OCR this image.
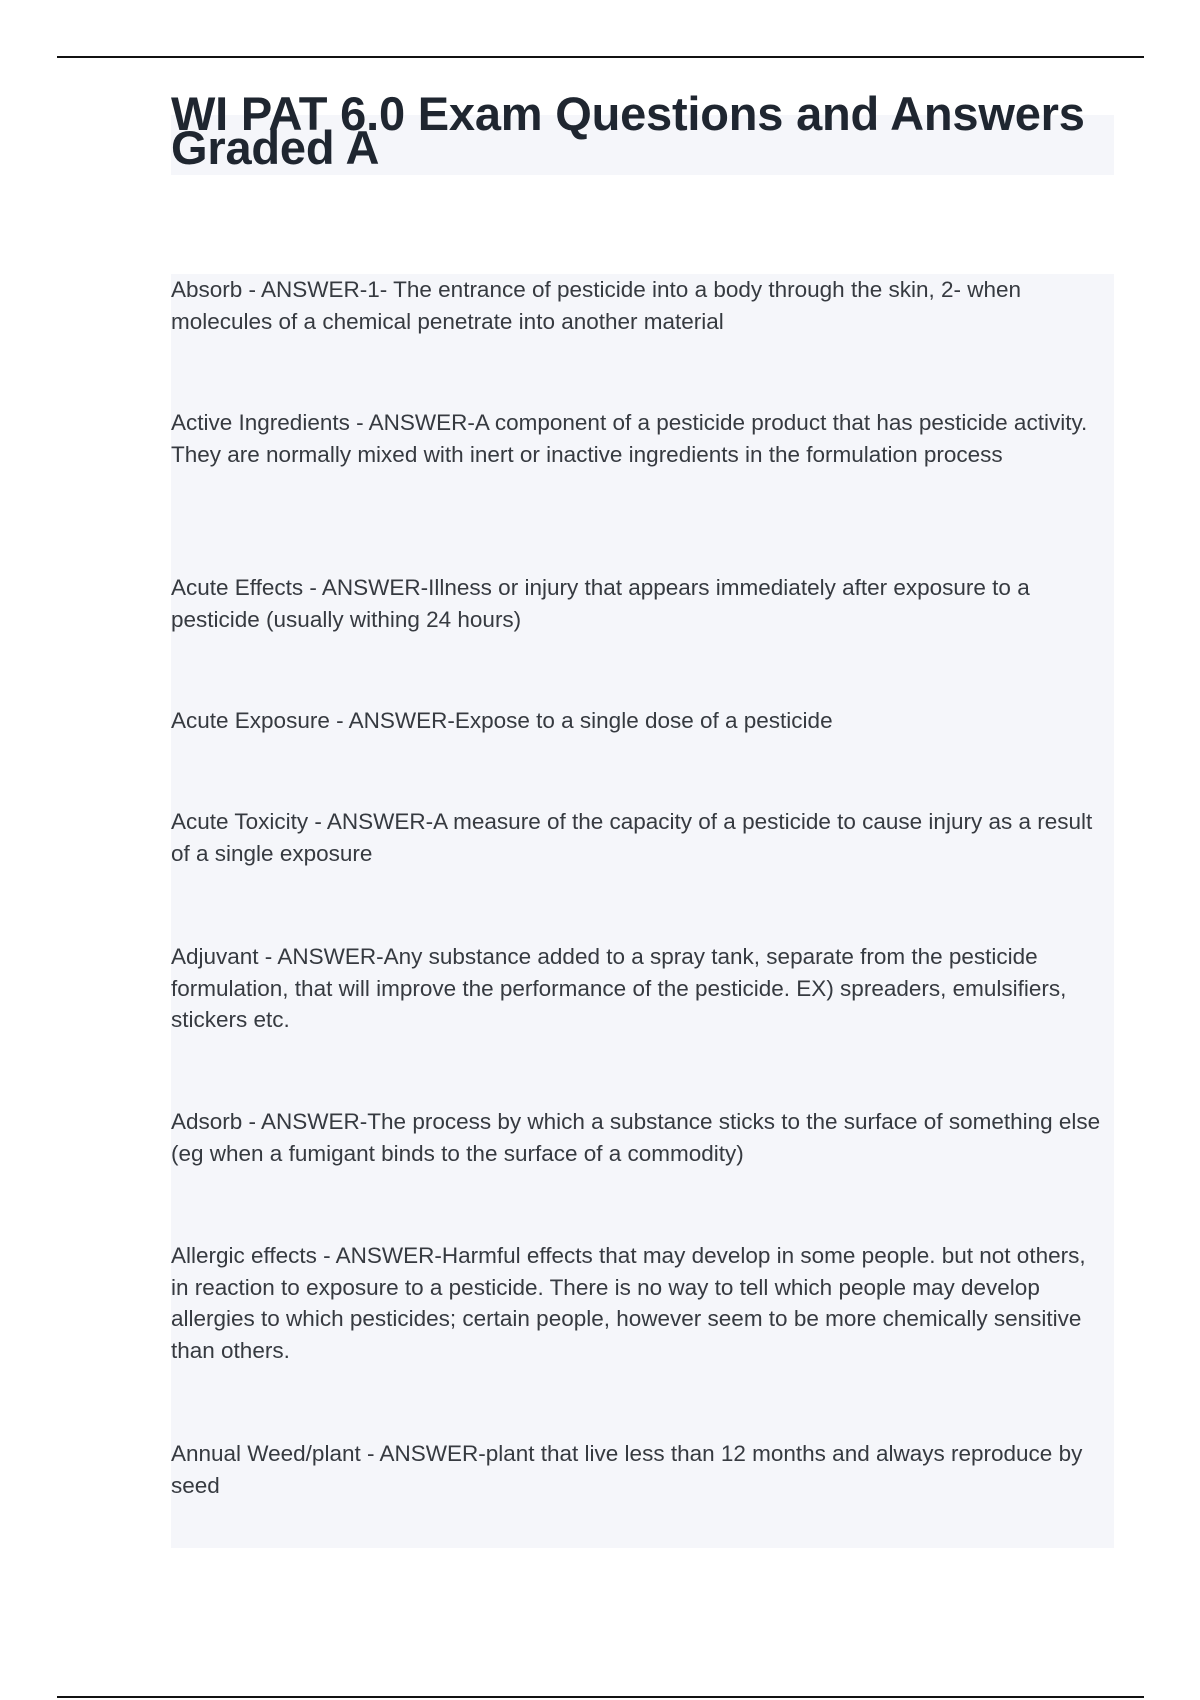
WI PAT 6.0 Exam Questions and Answers Graded A

Absorb - ANSWER-1- The entrance of pesticide into a body through the skin, 2- when molecules of a chemical penetrate into another material

Active Ingredients - ANSWER-A component of a pesticide product that has pesticide activity. They are normally mixed with inert or inactive ingredients in the formulation process

Acute Effects - ANSWER-Illness or injury that appears immediately after exposure to a pesticide (usually withing 24 hours)

Acute Exposure - ANSWER-Expose to a single dose of a pesticide

Acute Toxicity - ANSWER-A measure of the capacity of a pesticide to cause injury as a result of a single exposure

Adjuvant - ANSWER-Any substance added to a spray tank, separate from the pesticide formulation, that will improve the performance of the pesticide. EX) spreaders, emulsifiers, stickers etc.

Adsorb - ANSWER-The process by which a substance sticks to the surface of something else (eg when a fumigant binds to the surface of a commodity)

Allergic effects - ANSWER-Harmful effects that may develop in some people. but not others, in reaction to exposure to a pesticide. There is no way to tell which people may develop allergies to which pesticides; certain people, however seem to be more chemically sensitive than others.

Annual Weed/plant - ANSWER-plant that live less than 12 months and always reproduce by seed
